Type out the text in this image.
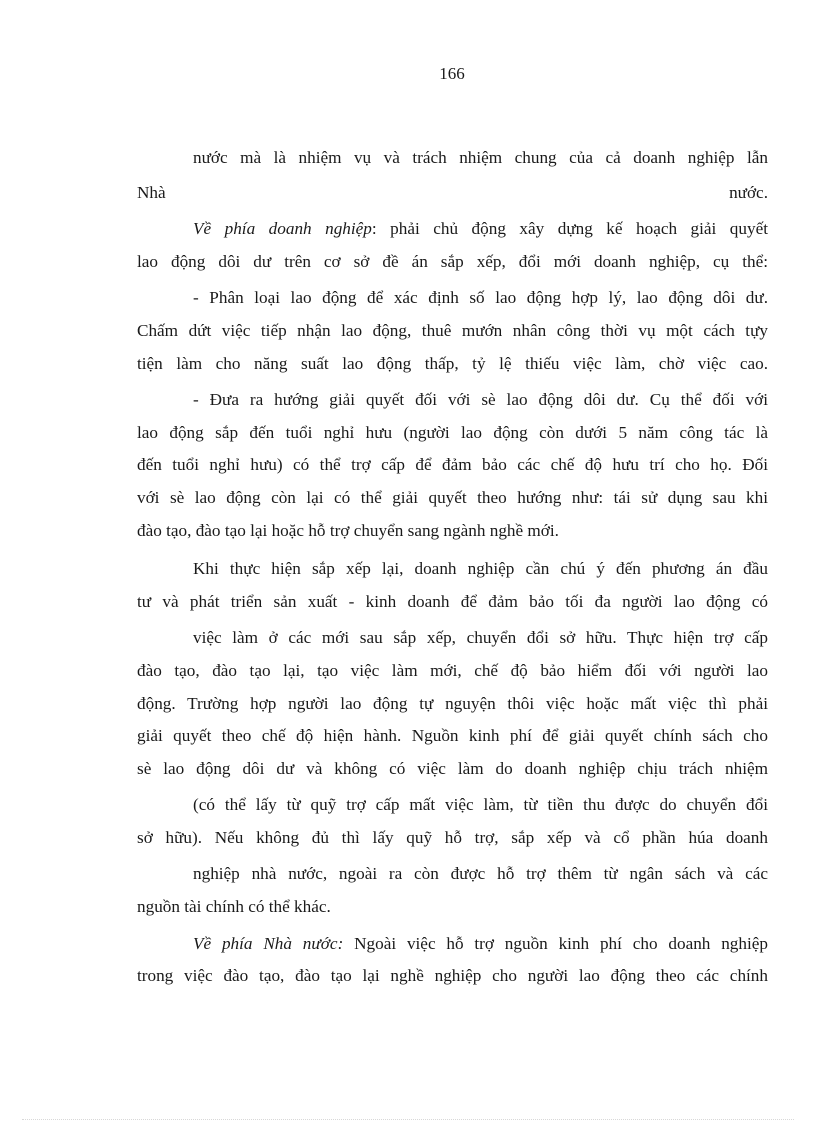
166
nước mà là nhiệm vụ và trách nhiệm chung của cả doanh nghiệp lẫn
Nhà	nước.
Về phía doanh nghiệp: phải chủ động xây dựng kế hoạch giải quyết
lao động dôi dư trên cơ sở đề án sắp xếp, đổi mới doanh nghiệp, cụ thể:
- Phân loại lao động để xác định số lao động hợp lý, lao động dôi dư.
Chấm dứt việc tiếp nhận lao động, thuê mướn nhân công thời vụ một cách tựy
tiện làm cho năng suất lao động thấp, tỷ lệ thiếu việc làm, chờ việc cao.
- Đưa ra hướng giải quyết đối với sè lao động dôi dư. Cụ thể đối với
lao động sắp đến tuổi nghỉ hưu (người lao động còn dưới 5 năm công tác là
đến tuổi nghỉ hưu) có thể trợ cấp để đảm bảo các chế độ hưu trí cho họ. Đối
với sè lao động còn lại có thể giải quyết theo hướng như: tái sử dụng sau khi
đào tạo, đào tạo lại hoặc hỗ trợ chuyển sang ngành nghề mới.
Khi thực hiện sắp xếp lại, doanh nghiệp cần chú ý đến phương án đầu
tư và phát triển sản xuất - kinh doanh để đảm bảo tối đa người lao động có
việc làm ở các mới sau sắp xếp, chuyển đổi sở hữu. Thực hiện trợ cấp
đào tạo, đào tạo lại, tạo việc làm mới, chế độ bảo hiểm đối với người lao
động. Trường hợp người lao động tự nguyện thôi việc hoặc mất việc thì phải
giải quyết theo chế độ hiện hành. Nguồn kinh phí để giải quyết chính sách cho
sè lao động dôi dư và không có việc làm do doanh nghiệp chịu trách nhiệm
(có thể lấy từ quỹ trợ cấp mất việc làm, từ tiền thu được do chuyển đổi
sở hữu). Nếu không đủ thì lấy quỹ hỗ trợ, sắp xếp và cổ phần húa doanh
nghiệp nhà nước, ngoài ra còn được hỗ trợ thêm từ ngân sách và các
nguồn tài chính có thể khác.
Về phía Nhà nước: Ngoài việc hỗ trợ nguồn kinh phí cho doanh nghiệp
trong việc đào tạo, đào tạo lại nghề nghiệp cho người lao động theo các chính
